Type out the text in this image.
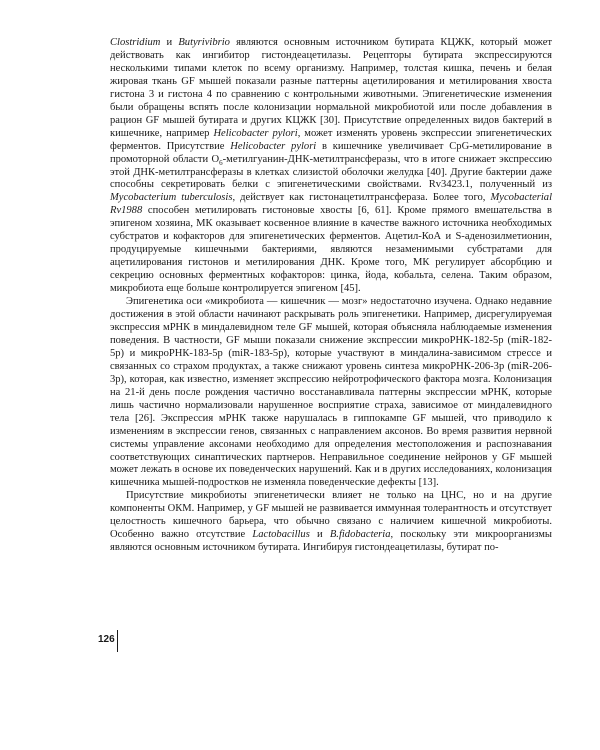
Clostridium и Butyrivibrio являются основным источником бутирата КЦЖК, который может действовать как ингибитор гистондеацетилазы. Рецепторы бутирата экспрессируются несколькими типами клеток по всему организму. Например, толстая кишка, печень и белая жировая ткань GF мышей показали разные паттерны ацетилирования и метилирования хвоста гистона 3 и гистона 4 по сравнению с контрольными животными. Эпигенетические изменения были обращены вспять после колонизации нормальной микробиотой или после добавления в рацион GF мышей бутирата и других КЦЖК [30]. Присутствие определенных видов бактерий в кишечнике, например Helicobacter pylori, может изменять уровень экспрессии эпигенетических ферментов. Присутствие Helicobacter pylori в кишечнике увеличивает CpG-метилирование в промоторной области $O_6-метилгуанин-ДНК$-метилтрансферазы, что в итоге снижает экспрессию этой ДНК-метилтрансферазы в клетках слизистой оболочки желудка [40]. Другие бактерии даже способны секретировать белки с эпигенетическими свойствами. Rv3423.1, полученный из Mycobacterium tuberculosis, действует как гистонацетилтрансфераза. Более того, Mycobacterial Rv1988 способен метилировать гистоновые хвосты [6, 61]. Кроме прямого вмешательства в эпигеном хозяина, МК оказывает косвенное влияние в качестве важного источника необходимых субстратов и кофакторов для эпигенетических ферментов. Ацетил-КоА и S-аденозилметионин, продуцируемые кишечными бактериями, являются незаменимыми субстратами для ацетилирования гистонов и метилирования ДНК. Кроме того, МК регулирует абсорбцию и секрецию основных ферментных кофакторов: цинка, йода, кобальта, селена. Таким образом, микробиота еще больше контролируется эпигеном [45].

Эпигенетика оси «микробиота — кишечник — мозг» недостаточно изучена. Однако недавние достижения в этой области начинают раскрывать роль эпигенетики. Например, дисрегулируемая экспрессия мРНК в миндалевидном теле GF мышей, которая объясняла наблюдаемые изменения поведения. В частности, GF мыши показали снижение экспрессии микроРНК-182-5p (miR-182-5p) и микроРНК-183-5p (miR-183-5p), которые участвуют в миндалина-зависимом стрессе и связанных со страхом продуктах, а также снижают уровень синтеза микроРНК-206-3p (miR-206-3p), которая, как известно, изменяет экспрессию нейротрофического фактора мозга. Колонизация на 21-й день после рождения частично восстанавливала паттерны экспрессии мРНК, которые лишь частично нормализовали нарушенное восприятие страха, зависимое от миндалевидного тела [26]. Экспрессия мРНК также нарушалась в гиппокампе GF мышей, что приводило к изменениям в экспрессии генов, связанных с направлением аксонов. Во время развития нервной системы управление аксонами необходимо для определения местоположения и распознавания соответствующих синаптических партнеров. Неправильное соединение нейронов у GF мышей может лежать в основе их поведенческих нарушений. Как и в других исследованиях, колонизация кишечника мышей-подростков не изменяла поведенческие дефекты [13].

Присутствие микробиоты эпигенетически влияет не только на ЦНС, но и на другие компоненты ОКМ. Например, у GF мышей не развивается иммунная толерантность и отсутствует целостность кишечного барьера, что обычно связано с наличием кишечной микробиоты. Особенно важно отсутствие Lactobacillus и B.fidobacteria, поскольку эти микроорганизмы являются основным источником бутирата. Ингибируя гистондеацетилазы, бутират по-

126
